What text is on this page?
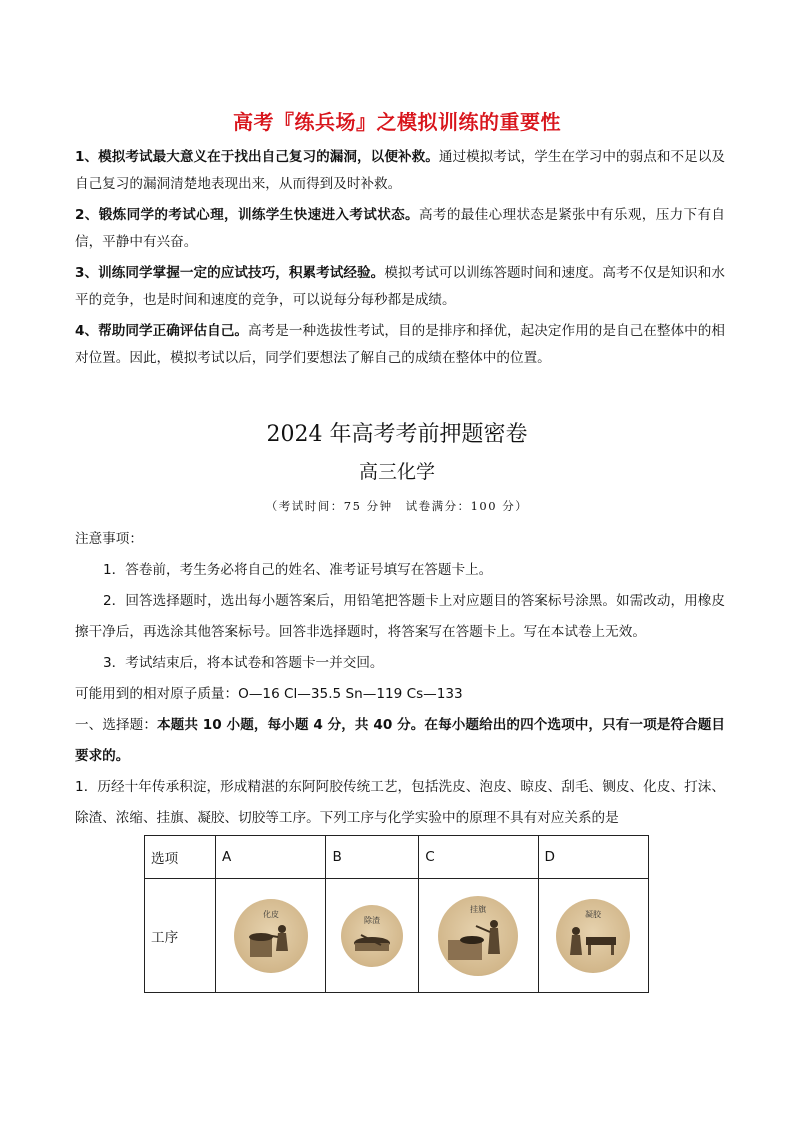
高考『练兵场』之模拟训练的重要性

1、模拟考试最大意义在于找出自己复习的漏洞，以便补救。通过模拟考试，学生在学习中的弱点和不足以及自己复习的漏洞清楚地表现出来，从而得到及时补救。

2、锻炼同学的考试心理，训练学生快速进入考试状态。高考的最佳心理状态是紧张中有乐观，压力下有自信，平静中有兴奋。

3、训练同学掌握一定的应试技巧，积累考试经验。模拟考试可以训练答题时间和速度。高考不仅是知识和水平的竞争，也是时间和速度的竞争，可以说每分每秒都是成绩。

4、帮助同学正确评估自己。高考是一种选拔性考试，目的是排序和择优，起决定作用的是自己在整体中的相对位置。因此，模拟考试以后，同学们要想法了解自己的成绩在整体中的位置。

2024 年高考考前押题密卷
高三化学
（考试时间：75 分钟　试卷满分：100 分）

注意事项：

1．答卷前，考生务必将自己的姓名、准考证号填写在答题卡上。

2．回答选择题时，选出每小题答案后，用铅笔把答题卡上对应题目的答案标号涂黑。如需改动，用橡皮擦干净后，再选涂其他答案标号。回答非选择题时，将答案写在答题卡上。写在本试卷上无效。

3．考试结束后，将本试卷和答题卡一并交回。

可能用到的相对原子质量：O—16 Cl—35.5 Sn—119 Cs—133

一、选择题：本题共 10 小题，每小题 4 分，共 40 分。在每小题给出的四个选项中，只有一项是符合题目要求的。

1．历经十年传承积淀，形成精湛的东阿阿胶传统工艺，包括洗皮、泡皮、晾皮、刮毛、铡皮、化皮、打沫、除渣、浓缩、挂旗、凝胶、切胶等工序。下列工序与化学实验中的原理不具有对应关系的是

选项	A	B	C	D
工序	化皮	除渣	挂旗	凝胶
